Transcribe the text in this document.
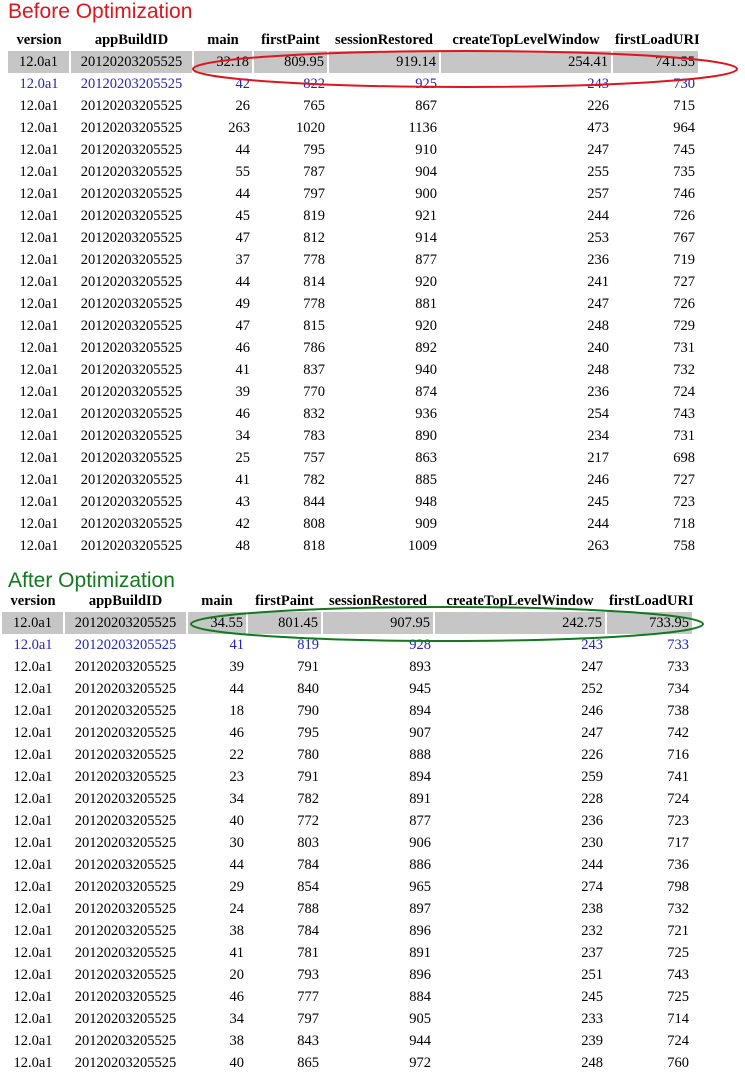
Before Optimization
version	appBuildID	main	firstPaint	sessionRestored	createTopLevelWindow	firstLoadURI
12.0a1	20120203205525	32.18	809.95	919.14	254.41	741.55
12.0a1	20120203205525	42	822	925	243	730
12.0a1	20120203205525	26	765	867	226	715
12.0a1	20120203205525	263	1020	1136	473	964
12.0a1	20120203205525	44	795	910	247	745
12.0a1	20120203205525	55	787	904	255	735
12.0a1	20120203205525	44	797	900	257	746
12.0a1	20120203205525	45	819	921	244	726
12.0a1	20120203205525	47	812	914	253	767
12.0a1	20120203205525	37	778	877	236	719
12.0a1	20120203205525	44	814	920	241	727
12.0a1	20120203205525	49	778	881	247	726
12.0a1	20120203205525	47	815	920	248	729
12.0a1	20120203205525	46	786	892	240	731
12.0a1	20120203205525	41	837	940	248	732
12.0a1	20120203205525	39	770	874	236	724
12.0a1	20120203205525	46	832	936	254	743
12.0a1	20120203205525	34	783	890	234	731
12.0a1	20120203205525	25	757	863	217	698
12.0a1	20120203205525	41	782	885	246	727
12.0a1	20120203205525	43	844	948	245	723
12.0a1	20120203205525	42	808	909	244	718
12.0a1	20120203205525	48	818	1009	263	758
After Optimization
version	appBuildID	main	firstPaint	sessionRestored	createTopLevelWindow	firstLoadURI
12.0a1	20120203205525	34.55	801.45	907.95	242.75	733.95
12.0a1	20120203205525	41	819	928	243	733
12.0a1	20120203205525	39	791	893	247	733
12.0a1	20120203205525	44	840	945	252	734
12.0a1	20120203205525	18	790	894	246	738
12.0a1	20120203205525	46	795	907	247	742
12.0a1	20120203205525	22	780	888	226	716
12.0a1	20120203205525	23	791	894	259	741
12.0a1	20120203205525	34	782	891	228	724
12.0a1	20120203205525	40	772	877	236	723
12.0a1	20120203205525	30	803	906	230	717
12.0a1	20120203205525	44	784	886	244	736
12.0a1	20120203205525	29	854	965	274	798
12.0a1	20120203205525	24	788	897	238	732
12.0a1	20120203205525	38	784	896	232	721
12.0a1	20120203205525	41	781	891	237	725
12.0a1	20120203205525	20	793	896	251	743
12.0a1	20120203205525	46	777	884	245	725
12.0a1	20120203205525	34	797	905	233	714
12.0a1	20120203205525	38	843	944	239	724
12.0a1	20120203205525	40	865	972	248	760
